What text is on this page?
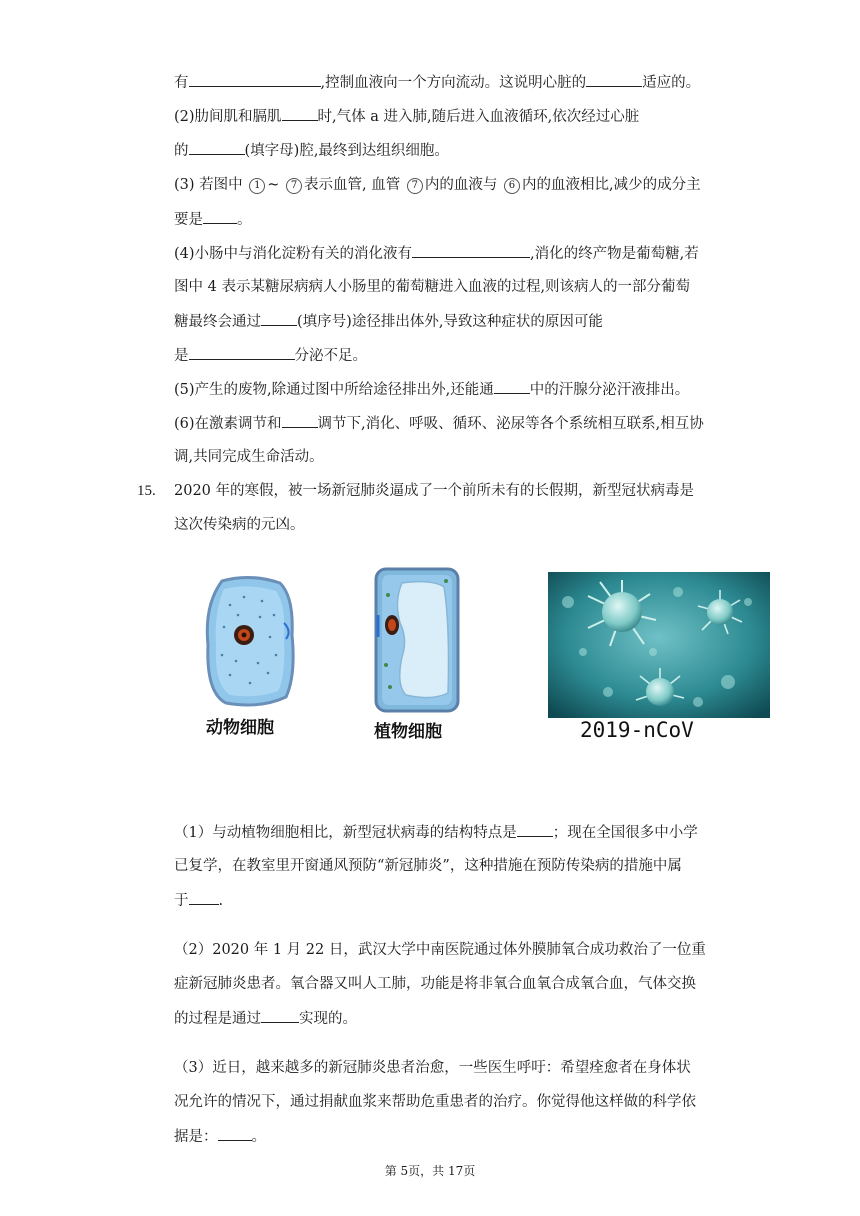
有	,控制血液向一个方向流动。这说明心脏的	适应的。
(2)肋间肌和膈肌 时,气体 a 进入肺,随后进入血液循环,依次经过心脏
的	(填字母)腔,最终到达组织细胞。
(3) 若图中 1 ~ 7 表示血管, 血管 7 内的血液与 6 内的血液相比,减少的成分主
要是 。
(4)小肠中与消化淀粉有关的消化液有	,消化的终产物是葡萄糖,若
图中 4 表示某糖尿病病人小肠里的葡萄糖进入血液的过程,则该病人的一部分葡萄
糖最终会通过 (填序号)途径排出体外,导致这种症状的原因可能
是	分泌不足。
(5)产生的废物,除通过图中所给途径排出外,还能通 中的汗腺分泌汗液排出。
(6)在激素调节和 调节下,消化、呼吸、循环、泌尿等各个系统相互联系,相互协
调,共同完成生命活动。
15. 2020 年的寒假，被一场新冠肺炎逼成了一个前所未有的长假期，新型冠状病毒是
这次传染病的元凶。
动物细胞	植物细胞	2019-nCoV
（1）与动植物细胞相比，新型冠状病毒的结构特点是 ；现在全国很多中小学
已复学，在教室里开窗通风预防“新冠肺炎”，这种措施在预防传染病的措施中属
于 .
（2）2020 年 1 月 22 日，武汉大学中南医院通过体外膜肺氧合成功救治了一位重
症新冠肺炎患者。氧合器又叫人工肺，功能是将非氧合血氧合成氧合血，气体交换
的过程是通过	实现的。
（3）近日，越来越多的新冠肺炎患者治愈，一些医生呼吁：希望痊愈者在身体状
况允许的情况下，通过捐献血浆来帮助危重患者的治疗。你觉得他这样做的科学依
据是： 。
第 5页，共 17页
